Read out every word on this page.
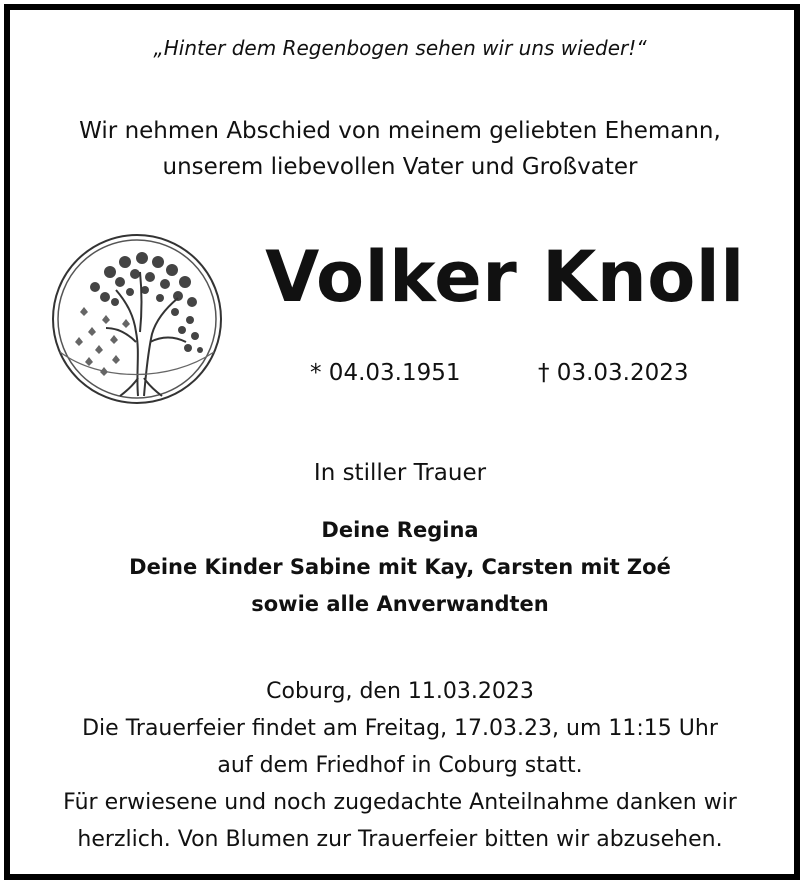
„Hinter dem Regenbogen sehen wir uns wieder!“
Wir nehmen Abschied von meinem geliebten Ehemann,
unserem liebevollen Vater und Großvater
Volker Knoll
* 04.03.1951	† 03.03.2023
In stiller Trauer
Deine Regina
Deine Kinder Sabine mit Kay, Carsten mit Zoé
sowie alle Anverwandten
Coburg, den 11.03.2023
Die Trauerfeier findet am Freitag, 17.03.23, um 11:15 Uhr
auf dem Friedhof in Coburg statt.
Für erwiesene und noch zugedachte Anteilnahme danken wir
herzlich. Von Blumen zur Trauerfeier bitten wir abzusehen.
